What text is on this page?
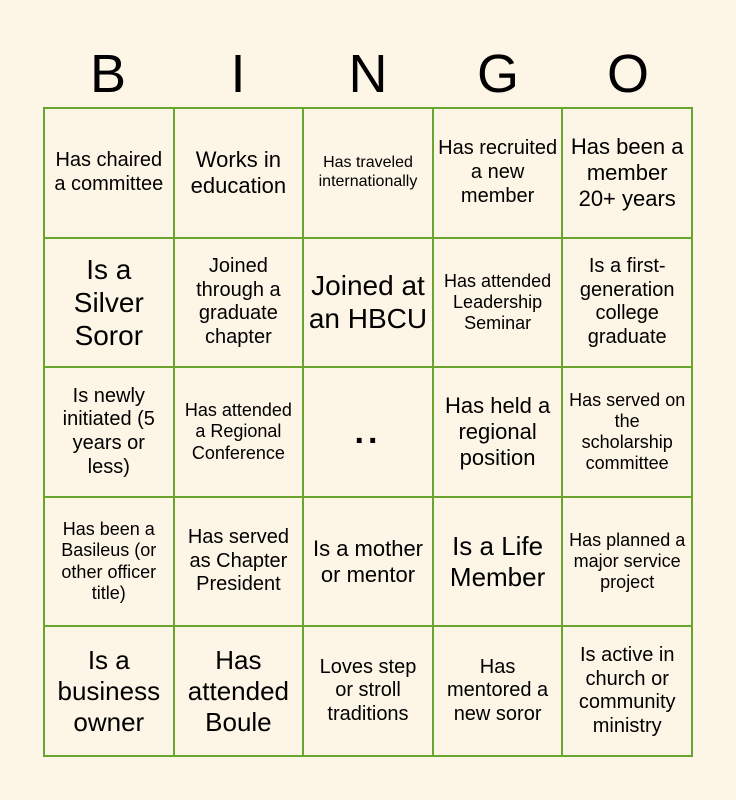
B	I	N	G	O
Has chaired a committee
Works in education
Has traveled internationally
Has recruited a new member
Has been a member 20+ years
Is a Silver Soror
Joined through a graduate chapter
Joined at an HBCU
Has attended Leadership Seminar
Is a first-generation college graduate
Is newly initiated (5 years or less)
Has attended a Regional Conference
..
Has held a regional position
Has served on the scholarship committee
Has been a Basileus (or other officer title)
Has served as Chapter President
Is a mother or mentor
Is a Life Member
Has planned a major service project
Is a business owner
Has attended Boule
Loves step or stroll traditions
Has mentored a new soror
Is active in church or community ministry
